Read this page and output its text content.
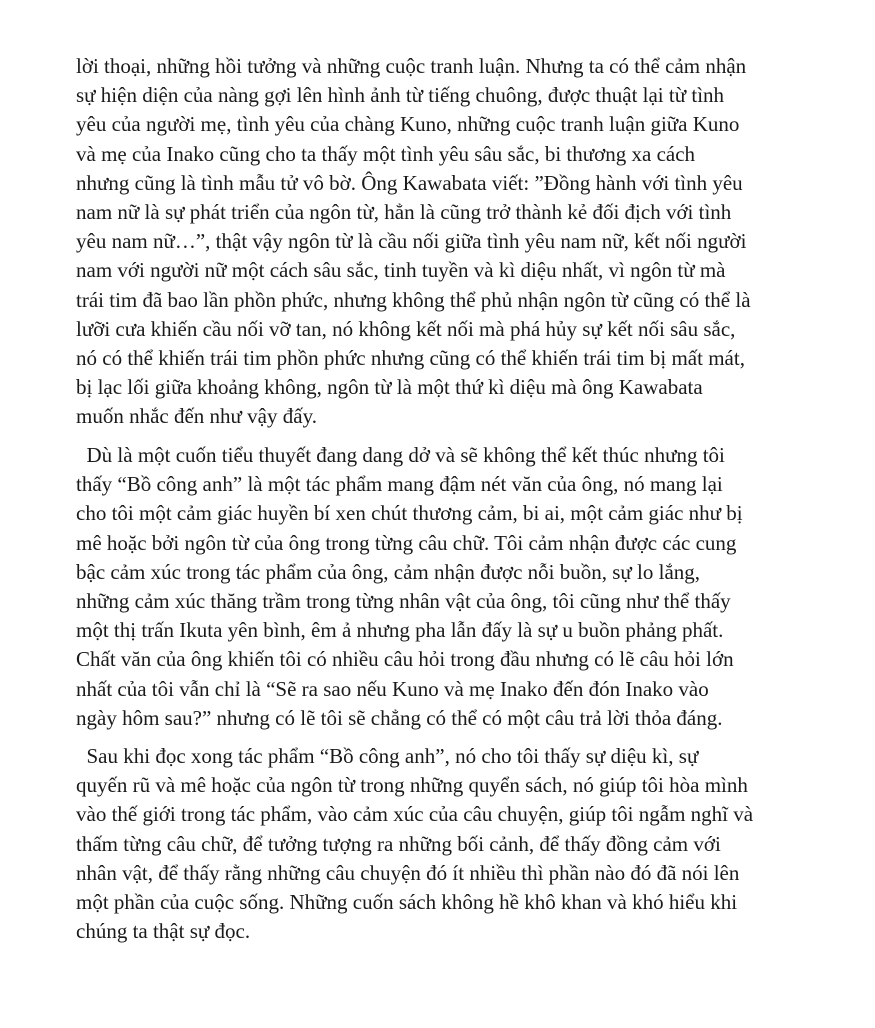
lời thoại, những hồi tưởng và những cuộc tranh luận. Nhưng ta có thể cảm nhận
sự hiện diện của nàng gợi lên hình ảnh từ tiếng chuông, được thuật lại từ tình
yêu của người mẹ, tình yêu của chàng Kuno, những cuộc tranh luận giữa Kuno
và mẹ của Inako cũng cho ta thấy một tình yêu sâu sắc, bi thương xa cách
nhưng cũng là tình mẫu tử vô bờ. Ông Kawabata viết: ”Đồng hành với tình yêu
nam nữ là sự phát triển của ngôn từ, hẳn là cũng trở thành kẻ đối địch với tình
yêu nam nữ…”, thật vậy ngôn từ là cầu nối giữa tình yêu nam nữ, kết nối người
nam với người nữ một cách sâu sắc, tinh tuyền và kì diệu nhất, vì ngôn từ mà
trái tim đã bao lần phồn phức, nhưng không thể phủ nhận ngôn từ cũng có thể là
lưỡi cưa khiến cầu nối vỡ tan, nó không kết nối mà phá hủy sự kết nối sâu sắc,
nó có thể khiến trái tim phồn phức nhưng cũng có thể khiến trái tim bị mất mát,
bị lạc lối giữa khoảng không, ngôn từ là một thứ kì diệu mà ông Kawabata
muốn nhắc đến như vậy đấy.
Dù là một cuốn tiểu thuyết đang dang dở và sẽ không thể kết thúc nhưng tôi
thấy “Bồ công anh” là một tác phẩm mang đậm nét văn của ông, nó mang lại
cho tôi một cảm giác huyền bí xen chút thương cảm, bi ai, một cảm giác như bị
mê hoặc bởi ngôn từ của ông trong từng câu chữ. Tôi cảm nhận được các cung
bậc cảm xúc trong tác phẩm của ông, cảm nhận được nỗi buồn, sự lo lắng,
những cảm xúc thăng trầm trong từng nhân vật của ông, tôi cũng như thể thấy
một thị trấn Ikuta yên bình, êm ả nhưng pha lẫn đấy là sự u buồn phảng phất.
Chất văn của ông khiến tôi có nhiều câu hỏi trong đầu nhưng có lẽ câu hỏi lớn
nhất của tôi vẫn chỉ là “Sẽ ra sao nếu Kuno và mẹ Inako đến đón Inako vào
ngày hôm sau?” nhưng có lẽ tôi sẽ chẳng có thể có một câu trả lời thỏa đáng.
Sau khi đọc xong tác phẩm “Bồ công anh”, nó cho tôi thấy sự diệu kì, sự
quyến rũ và mê hoặc của ngôn từ trong những quyển sách, nó giúp tôi hòa mình
vào thế giới trong tác phẩm, vào cảm xúc của câu chuyện, giúp tôi ngẫm nghĩ và
thấm từng câu chữ, để tưởng tượng ra những bối cảnh, để thấy đồng cảm với
nhân vật, để thấy rằng những câu chuyện đó ít nhiều thì phần nào đó đã nói lên
một phần của cuộc sống. Những cuốn sách không hề khô khan và khó hiểu khi
chúng ta thật sự đọc.
